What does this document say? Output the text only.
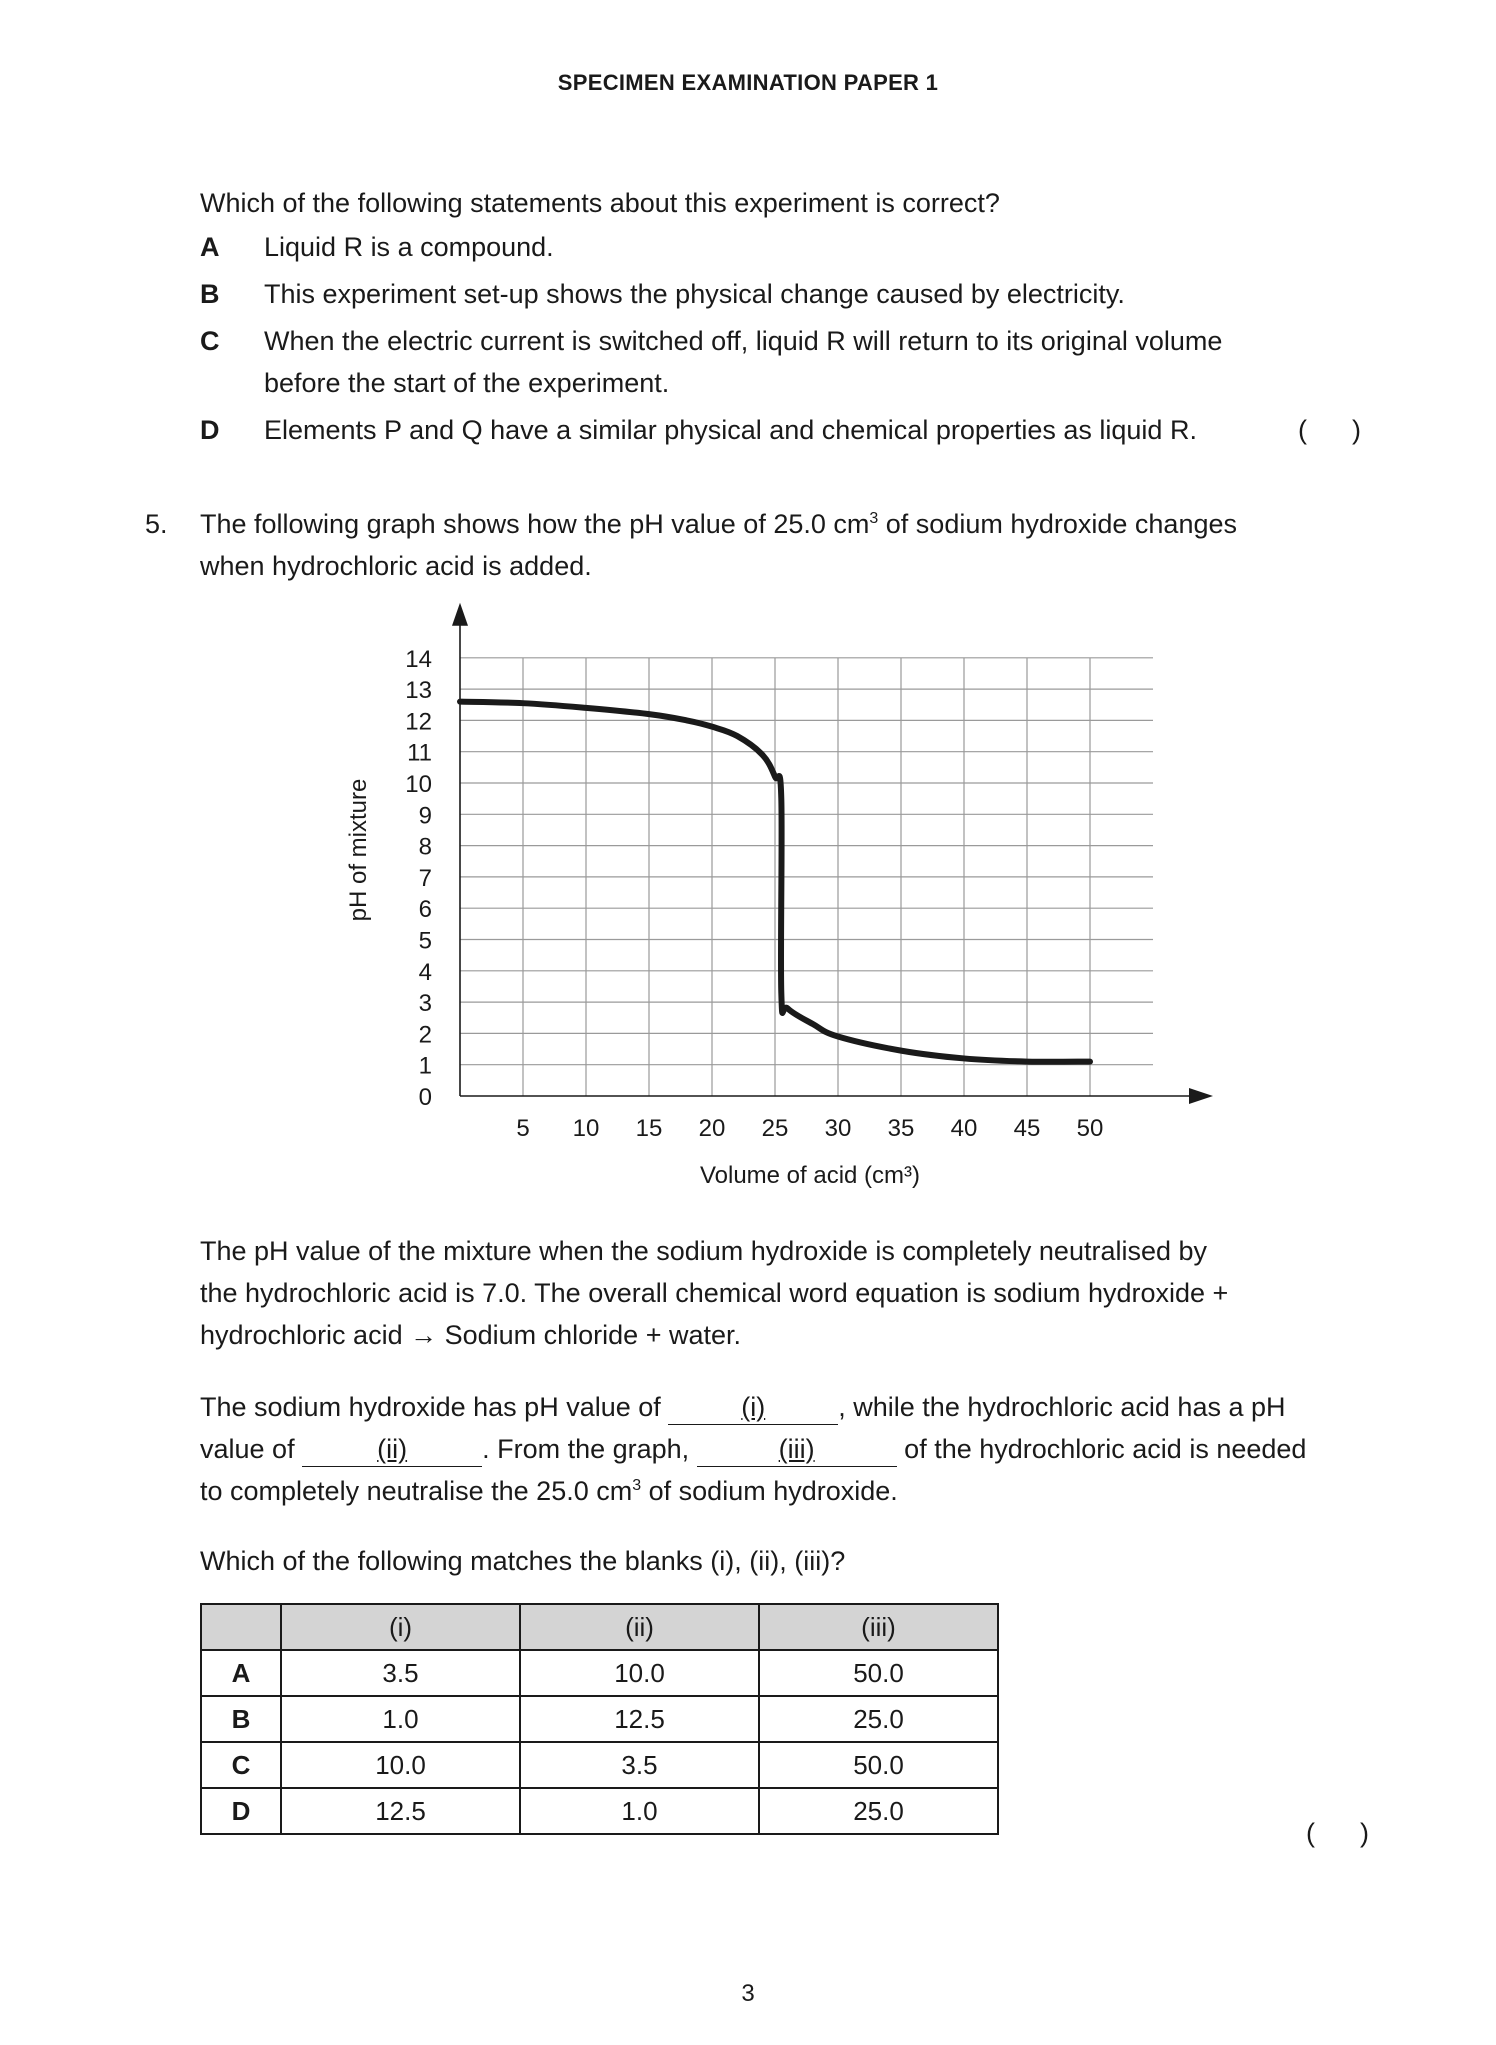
SPECIMEN EXAMINATION PAPER 1
Which of the following statements about this experiment is correct?
A Liquid R is a compound.
B This experiment set-up shows the physical change caused by electricity.
C When the electric current is switched off, liquid R will return to its original volume
before the start of the experiment.
D Elements P and Q have a similar physical and chemical properties as liquid R.	(      )
5. The following graph shows how the pH value of 25.0 $cm^3$ of sodium hydroxide changes
when hydrochloric acid is added.
0
1
2
3
4
5
6
7
8
9
10
11
12
13
14
5 10 15 20 25 30 35 40 45 50
pH of mixture
Volume of acid (cm³)
The pH value of the mixture when the sodium hydroxide is completely neutralised by
the hydrochloric acid is 7.0. The overall chemical word equation is sodium hydroxide +
hydrochloric acid → Sodium chloride + water.
The sodium hydroxide has pH value of	(i)	, while the hydrochloric acid has a pH
value of	(ii)	. From the graph,	(iii)	of the hydrochloric acid is needed
to completely neutralise the 25.0 $cm^3$ of sodium hydroxide.
Which of the following matches the blanks (i), (ii), (iii)?
	(i)	(ii)	(iii)
A	3.5	10.0	50.0
B	1.0	12.5	25.0
C	10.0	3.5	50.0
D	12.5	1.0	25.0
(      )
3
